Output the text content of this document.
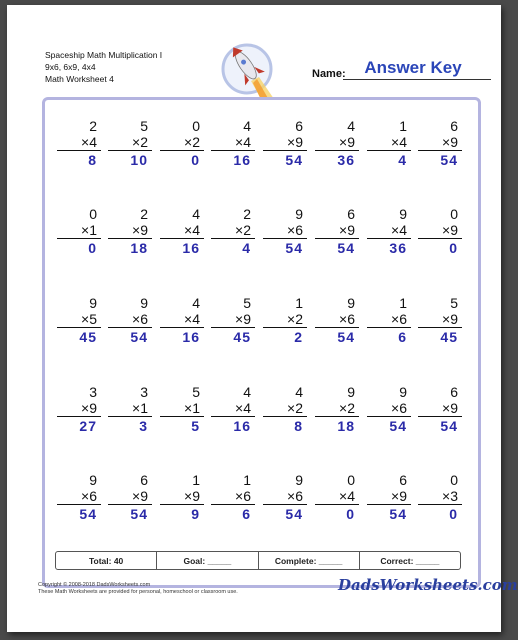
Spaceship Math Multiplication I
9x6, 6x9, 4x4
Math Worksheet 4	Name:	Answer Key
2
×4
8
5
×2
10
0
×2
0
4
×4
16
6
×9
54
4
×9
36
1
×4
4
6
×9
54
0
×1
0
2
×9
18
4
×4
16
2
×2
4
9
×6
54
6
×9
54
9
×4
36
0
×9
0
9
×5
45
9
×6
54
4
×4
16
5
×9
45
1
×2
2
9
×6
54
1
×6
6
5
×9
45
3
×9
27
3
×1
3
5
×1
5
4
×4
16
4
×2
8
9
×2
18
9
×6
54
6
×9
54
9
×6
54
6
×9
54
1
×9
9
1
×6
6
9
×6
54
0
×4
0
6
×9
54
0
×3
0
Total: 40	Goal: _____	Complete: _____	Correct: _____
Copyright © 2008-2018 DadsWorksheets.com
These Math Worksheets are provided for personal, homeschool or classroom use.	DadsWorksheets.com
